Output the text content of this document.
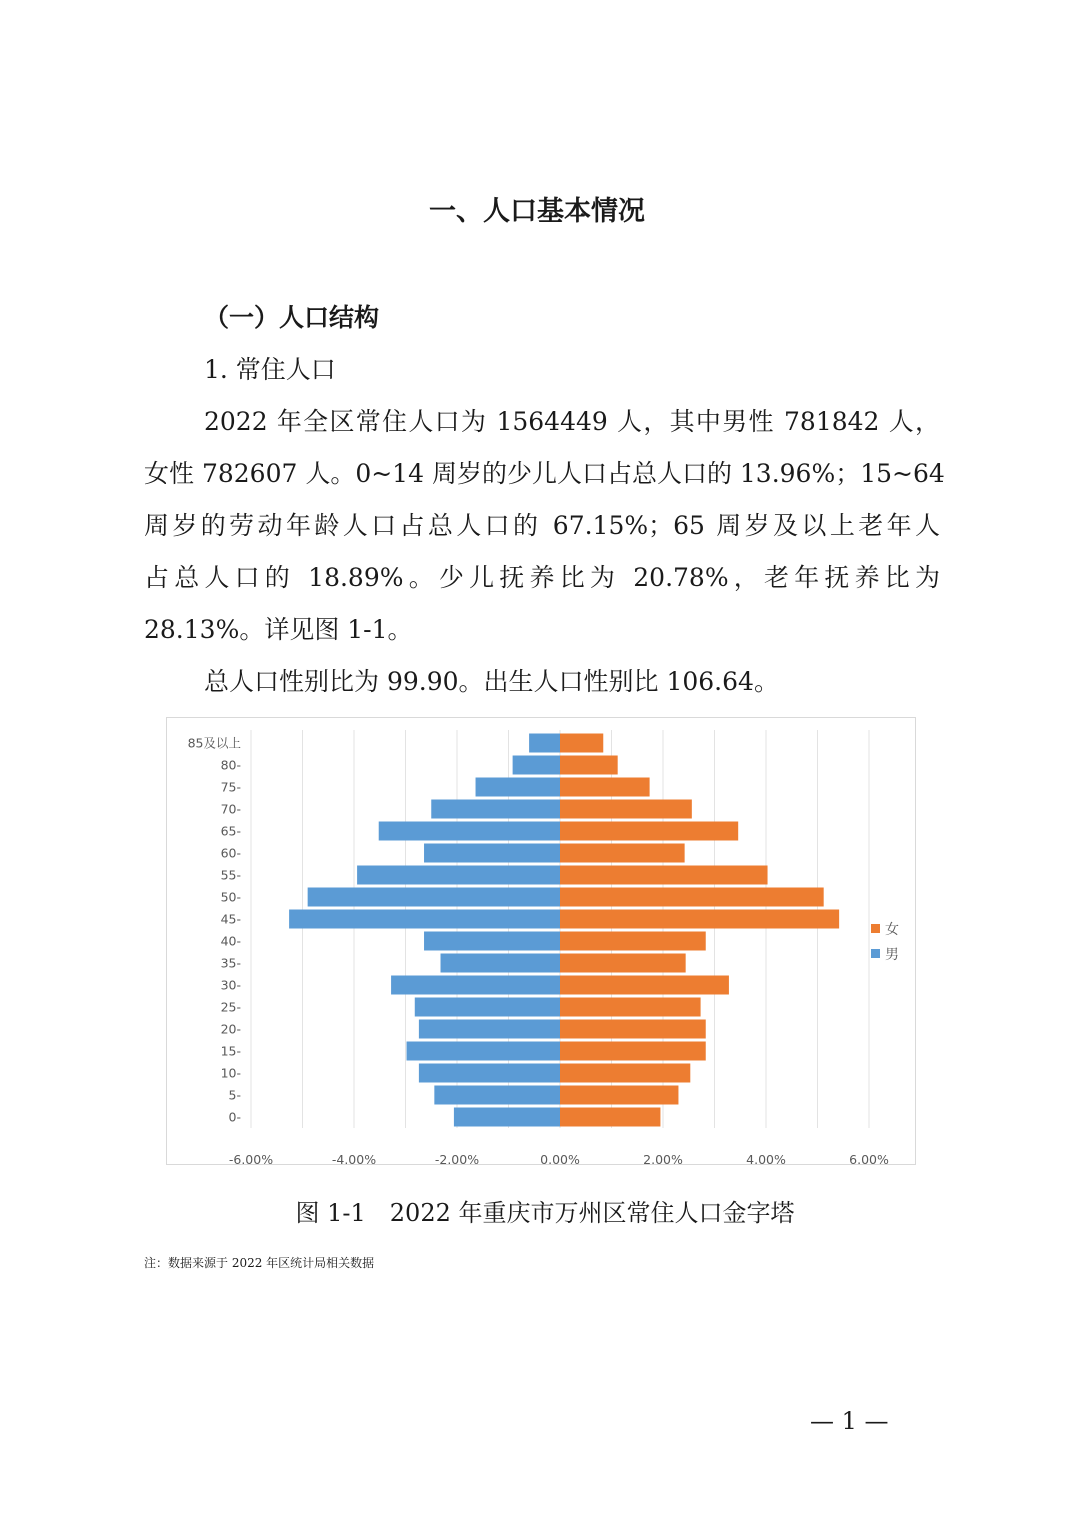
一、人口基本情况
（一）人口结构
1. 常住人口
2022 年全区常住人口为 1564449 人，其中男性 781842 人，
女性 782607 人。0~14 周岁的少儿人口占总人口的 13.96%；15~64
周岁的劳动年龄人口占总人口的 67.15%；65 周岁及以上老年人
占总人口的 18.89%。少儿抚养比为 20.78%，老年抚养比为
28.13%。详见图 1-1。
总人口性别比为 99.90。出生人口性别比 106.64。
85及以上
80-
75-
70-
65-
60-
55-
50-
45-
40-
35-
30-
25-
20-
15-
10-
5-
0-
-6.00%	-4.00%	-2.00%	0.00%	2.00%	4.00%	6.00%
女
男
图 1-1　2022 年重庆市万州区常住人口金字塔
注：数据来源于 2022 年区统计局相关数据
— 1 —
